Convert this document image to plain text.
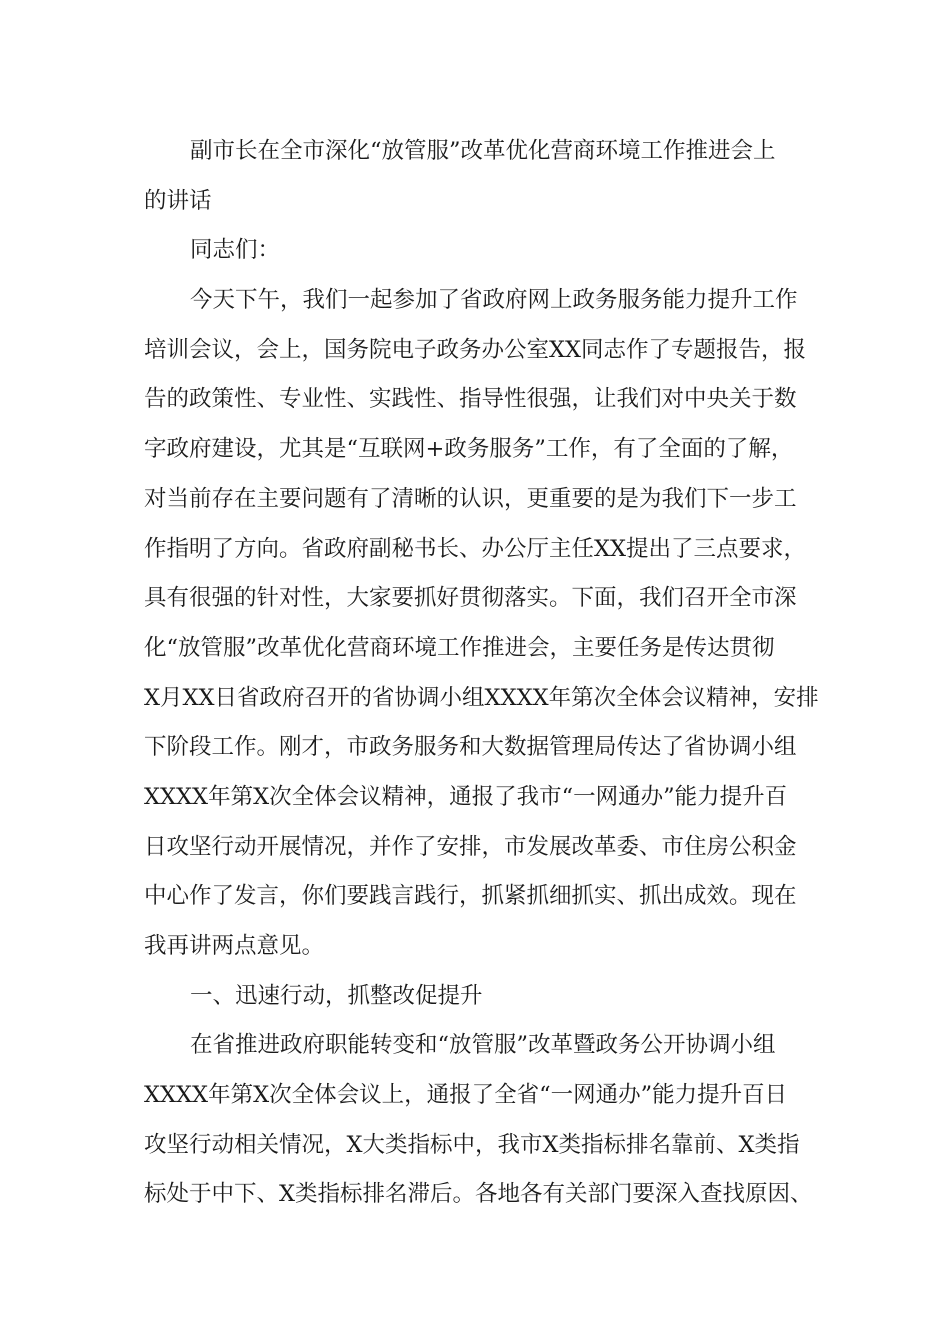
副市长在全市深化“放管服”改革优化营商环境工作推进会上
的讲话
同志们：
今天下午，我们一起参加了省政府网上政务服务能力提升工作
培训会议，会上，国务院电子政务办公室XX同志作了专题报告，报
告的政策性、专业性、实践性、指导性很强，让我们对中央关于数
字政府建设，尤其是“互联网+政务服务”工作，有了全面的了解，
对当前存在主要问题有了清晰的认识，更重要的是为我们下一步工
作指明了方向。省政府副秘书长、办公厅主任XX提出了三点要求，
具有很强的针对性，大家要抓好贯彻落实。下面，我们召开全市深
化“放管服”改革优化营商环境工作推进会，主要任务是传达贯彻
X月XX日省政府召开的省协调小组XXXX年第次全体会议精神，安排
下阶段工作。刚才，市政务服务和大数据管理局传达了省协调小组
XXXX年第X次全体会议精神，通报了我市“一网通办”能力提升百
日攻坚行动开展情况，并作了安排，市发展改革委、市住房公积金
中心作了发言，你们要践言践行，抓紧抓细抓实、抓出成效。现在
我再讲两点意见。
一、迅速行动，抓整改促提升
在省推进政府职能转变和“放管服”改革暨政务公开协调小组
XXXX年第X次全体会议上，通报了全省“一网通办”能力提升百日
攻坚行动相关情况，X大类指标中，我市X类指标排名靠前、X类指
标处于中下、X类指标排名滞后。各地各有关部门要深入查找原因、
